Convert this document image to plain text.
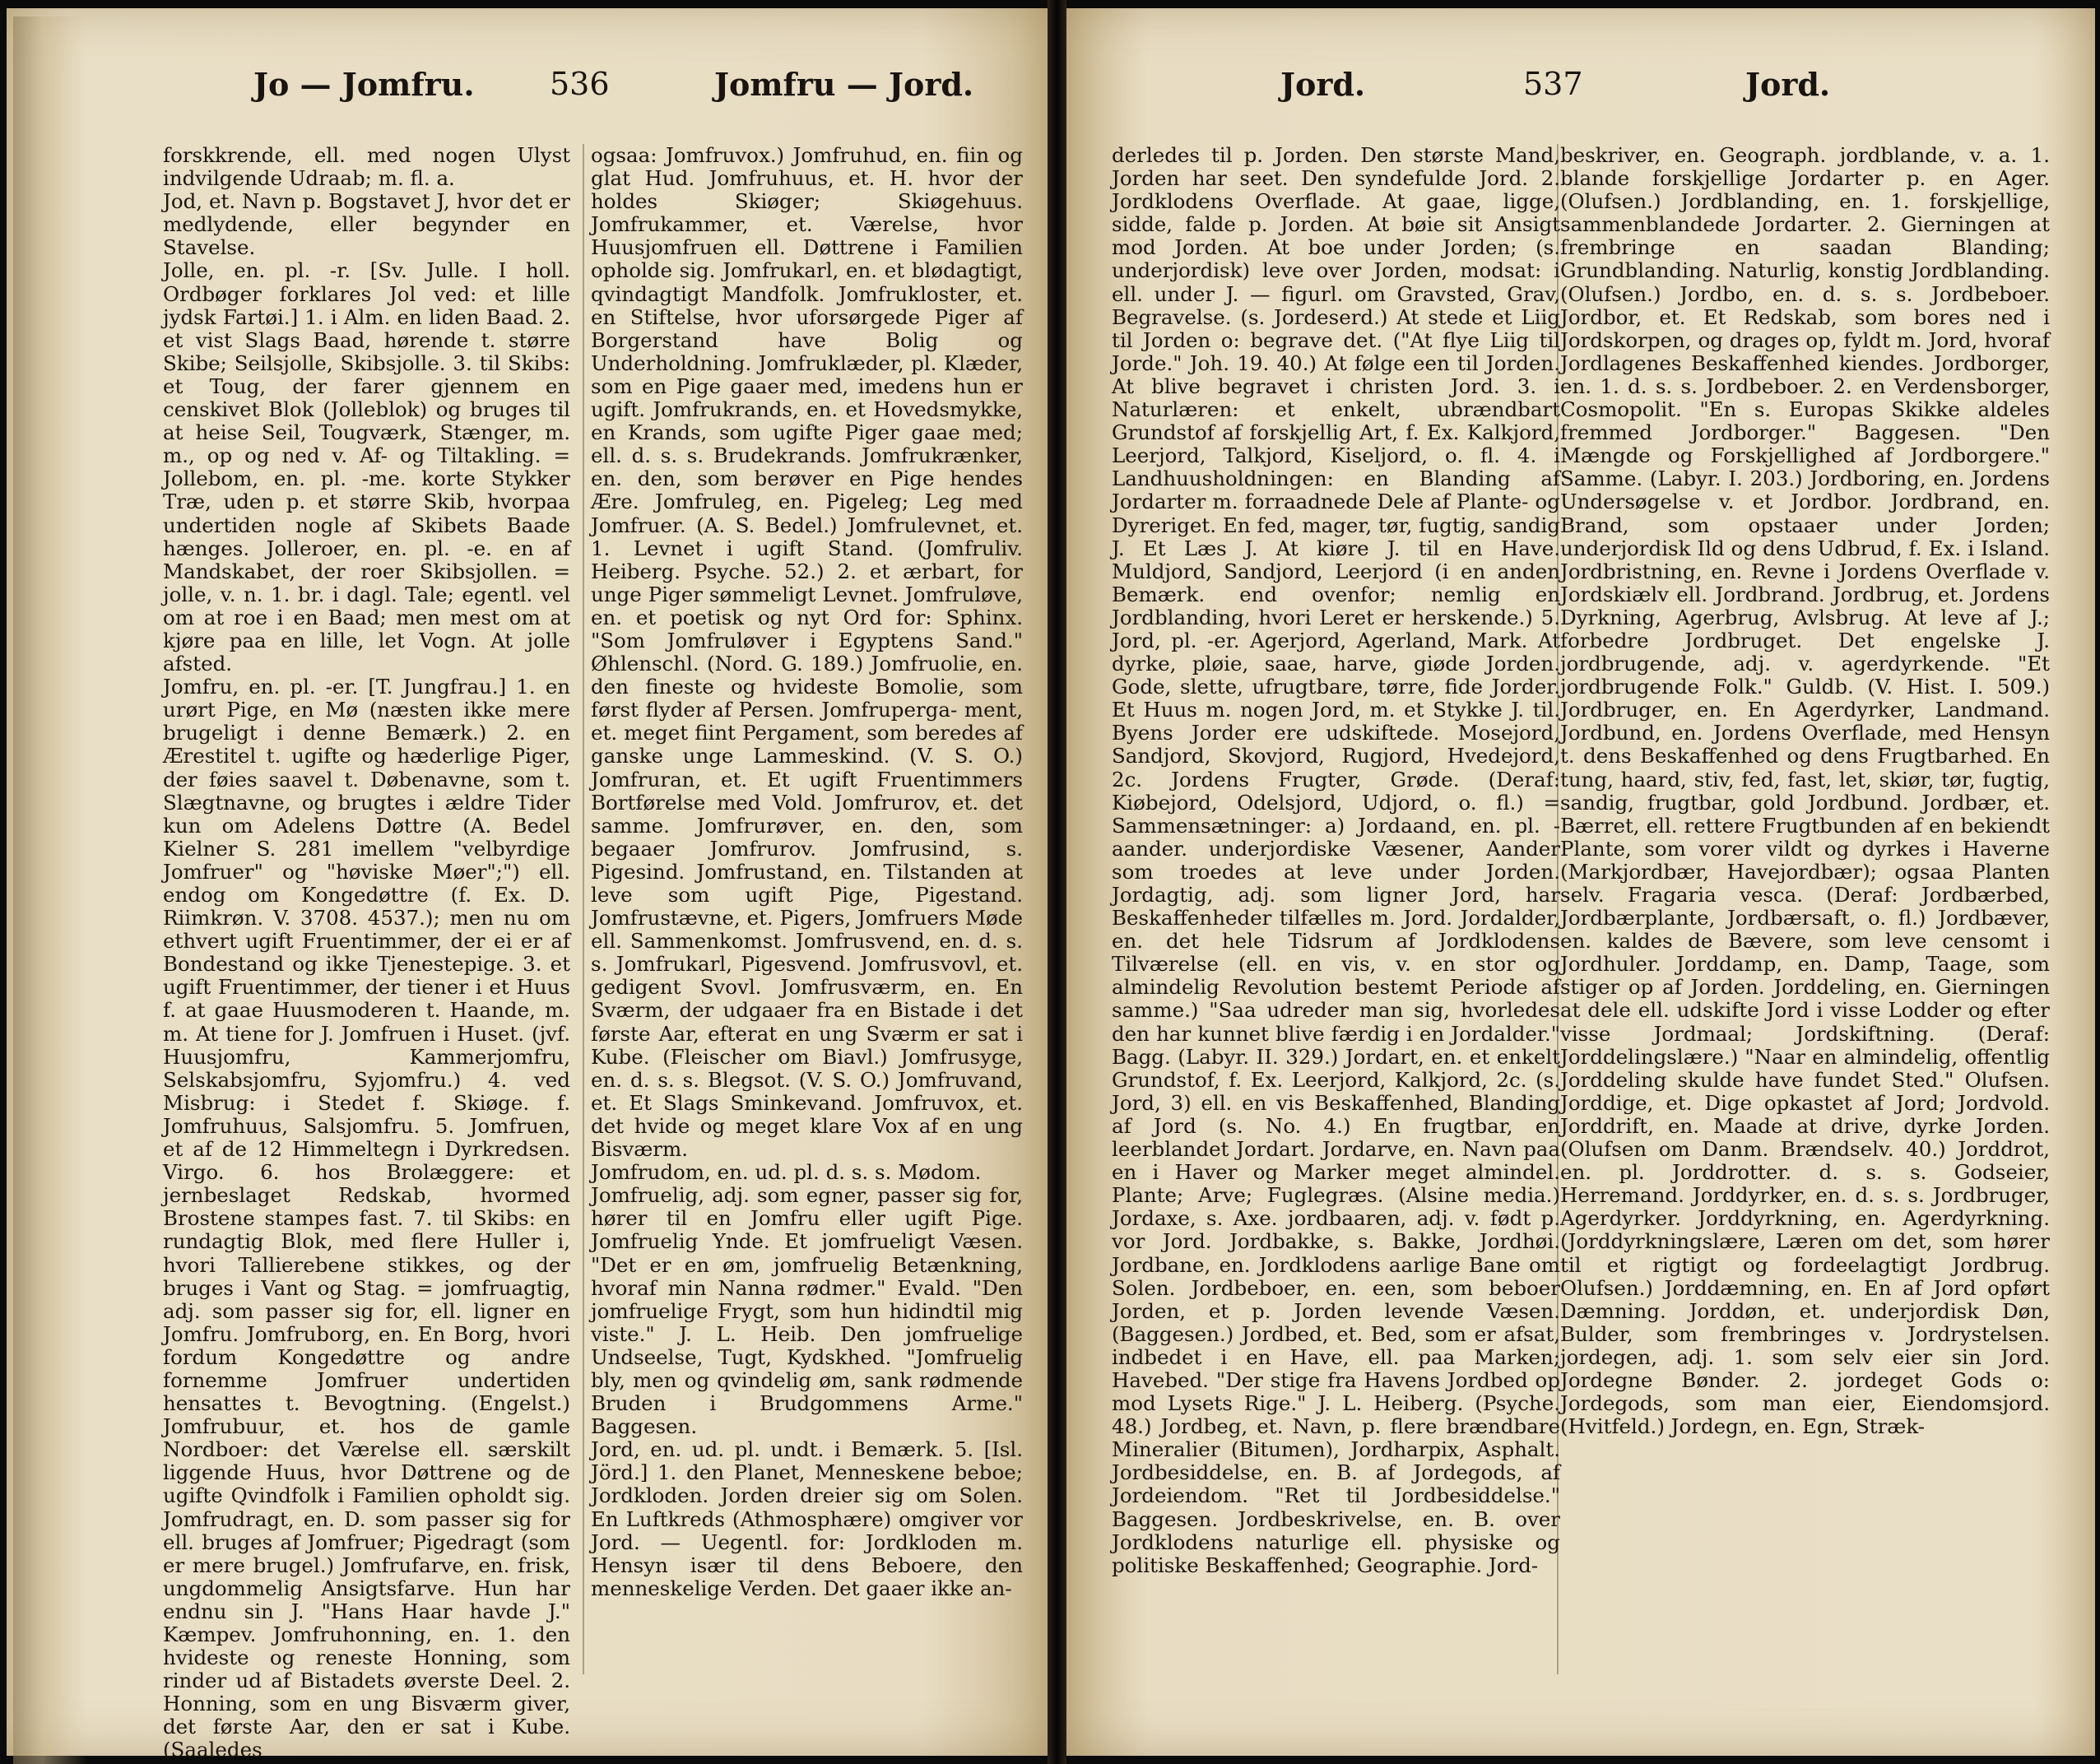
Jo — Jomfru. 536	Jomfru — Jord.
forskkrende, ell. med nogen Ulyst indvilgende Udraab; m. fl. a.
Jod, et. Navn p. Bogstavet J, hvor det er medlydende, eller begynder en Stavelse.
Jolle, en. pl. -r. [Sv. Julle. I holl. Ordbøger forklares Jol ved: et lille jydsk Fartøi.] 1. i Alm. en liden Baad. 2. et vist Slags Baad, hørende t. større Skibe; Seilsjolle, Skibsjolle. 3. til Skibs: et Toug, der farer gjennem en censkivet Blok (Jolleblok) og bruges til at heise Seil, Tougværk, Stænger, m. m., op og ned v. Af- og Tiltakling. = Jollebom, en. pl. -me. korte Stykker Træ, uden p. et større Skib, hvorpaa undertiden nogle af Skibets Baade hænges. Jolleroer, en. pl. -e. en af Mandskabet, der roer Skibsjollen. = jolle, v. n. 1. br. i dagl. Tale; egentl. vel om at roe i en Baad; men mest om at kjøre paa en lille, let Vogn. At jolle afsted.
Jomfru, en. pl. -er. [T. Jungfrau.] 1. en urørt Pige, en Mø (næsten ikke mere brugeligt i denne Bemærk.) 2. en Ærestitel t. ugifte og hæderlige Piger, der føies saavel t. Døbenavne, som t. Slægtnavne, og brugtes i ældre Tider kun om Adelens Døttre (A. Bedel Kielner S. 281 imellem "velbyrdige Jomfruer" og "høviske Møer";") ell. endog om Kongedøttre (f. Ex. D. Riimkrøn. V. 3708. 4537.); men nu om ethvert ugift Fruentimmer, der ei er af Bondestand og ikke Tjenestepige. 3. et ugift Fruentimmer, der tiener i et Huus f. at gaae Huusmoderen t. Haande, m. m. At tiene for J. Jomfruen i Huset. (jvf. Huusjomfru, Kammerjomfru, Selskabsjomfru, Syjomfru.) 4. ved Misbrug: i Stedet f. Skiøge. f. Jomfruhuus, Salsjomfru. 5. Jomfruen, et af de 12 Himmeltegn i Dyrkredsen. Virgo. 6. hos Brolæggere: et jernbeslaget Redskab, hvormed Brostene stampes fast. 7. til Skibs: en rundagtig Blok, med flere Huller i, hvori Tallierebene stikkes, og der bruges i Vant og Stag. = jomfruagtig, adj. som passer sig for, ell. ligner en Jomfru. Jomfruborg, en. En Borg, hvori fordum Kongedøttre og andre fornemme Jomfruer undertiden hensattes t. Bevogtning. (Engelst.) Jomfrubuur, et. hos de gamle Nordboer: det Værelse ell. særskilt liggende Huus, hvor Døttrene og de ugifte Qvindfolk i Familien opholdt sig. Jomfrudragt, en. D. som passer sig for ell. bruges af Jomfruer; Pigedragt (som er mere brugel.) Jomfrufarve, en. frisk, ungdommelig Ansigtsfarve. Hun har endnu sin J. "Hans Haar havde J." Kæmpev. Jomfruhonning, en. 1. den hvideste og reneste Honning, som rinder ud af Bistadets øverste Deel. 2. Honning, som en ung Bisværm giver, det første Aar, den er sat i Kube. (Saaledes
ogsaa: Jomfruvox.) Jomfruhud, en. fiin og glat Hud. Jomfruhuus, et. H. hvor der holdes Skiøger; Skiøgehuus. Jomfrukammer, et. Værelse, hvor Huusjomfruen ell. Døttrene i Familien opholde sig. Jomfrukarl, en. et blødagtigt, qvindagtigt Mandfolk. Jomfrukloster, et. en Stiftelse, hvor uforsørgede Piger af Borgerstand have Bolig og Underholdning. Jomfruklæder, pl. Klæder, som en Pige gaaer med, imedens hun er ugift. Jomfrukrands, en. et Hovedsmykke, en Krands, som ugifte Piger gaae med; ell. d. s. s. Brudekrands. Jomfrukrænker, en. den, som berøver en Pige hendes Ære. Jomfruleg, en. Pigeleg; Leg med Jomfruer. (A. S. Bedel.) Jomfrulevnet, et. 1. Levnet i ugift Stand. (Jomfruliv. Heiberg. Psyche. 52.) 2. et ærbart, for unge Piger sømmeligt Levnet. Jomfruløve, en. et poetisk og nyt Ord for: Sphinx. "Som Jomfruløver i Egyptens Sand." Øhlenschl. (Nord. G. 189.) Jomfruolie, en. den fineste og hvideste Bomolie, som først flyder af Persen. Jomfruperga- ment, et. meget fiint Pergament, som beredes af ganske unge Lammeskind. (V. S. O.) Jomfruran, et. Et ugift Fruentimmers Bortførelse med Vold. Jomfrurov, et. det samme. Jomfrurøver, en. den, som begaaer Jomfrurov. Jomfrusind, s. Pigesind. Jomfrustand, en. Tilstanden at leve som ugift Pige, Pigestand. Jomfrustævne, et. Pigers, Jomfruers Møde ell. Sammenkomst. Jomfrusvend, en. d. s. s. Jomfrukarl, Pigesvend. Jomfrusvovl, et. gedigent Svovl. Jomfrusværm, en. En Sværm, der udgaaer fra en Bistade i det første Aar, efterat en ung Sværm er sat i Kube. (Fleischer om Biavl.) Jomfrusyge, en. d. s. s. Blegsot. (V. S. O.) Jomfruvand, et. Et Slags Sminkevand. Jomfruvox, et. det hvide og meget klare Vox af en ung Bisværm.
Jomfrudom, en. ud. pl. d. s. s. Mødom.
Jomfruelig, adj. som egner, passer sig for, hører til en Jomfru eller ugift Pige. Jomfruelig Ynde. Et jomfrueligt Væsen. "Det er en øm, jomfruelig Betænkning, hvoraf min Nanna rødmer." Evald. "Den jomfruelige Frygt, som hun hidindtil mig viste." J. L. Heib. Den jomfruelige Undseelse, Tugt, Kydskhed. "Jomfruelig bly, men og qvindelig øm, sank rødmende Bruden i Brudgommens Arme." Baggesen.
Jord, en. ud. pl. undt. i Bemærk. 5. [Isl. Jörd.] 1. den Planet, Menneskene beboe; Jordkloden. Jorden dreier sig om Solen. En Luftkreds (Athmosphære) omgiver vor Jord. — Uegentl. for: Jordkloden m. Hensyn især til dens Beboere, den menneskelige Verden. Det gaaer ikke an-
Jord.	537	Jord.
derledes til p. Jorden. Den største Mand, Jorden har seet. Den syndefulde Jord. 2. Jordklodens Overflade. At gaae, ligge, sidde, falde p. Jorden. At bøie sit Ansigt mod Jorden. At boe under Jorden; (s. underjordisk) leve over Jorden, modsat: i ell. under J. — figurl. om Gravsted, Grav, Begravelse. (s. Jordeserd.) At stede et Liig til Jorden o: begrave det. ("At flye Liig til Jorde." Joh. 19. 40.) At følge een til Jorden. At blive begravet i christen Jord. 3. i Naturlæren: et enkelt, ubrændbart Grundstof af forskjellig Art, f. Ex. Kalkjord, Leerjord, Talkjord, Kiseljord, o. fl. 4. i Landhuusholdningen: en Blanding af Jordarter m. forraadnede Dele af Plante- og Dyreriget. En fed, mager, tør, fugtig, sandig J. Et Læs J. At kiøre J. til en Have. Muldjord, Sandjord, Leerjord (i en anden Bemærk. end ovenfor; nemlig en Jordblanding, hvori Leret er herskende.) 5. Jord, pl. -er. Agerjord, Agerland, Mark. At dyrke, pløie, saae, harve, giøde Jorden. Gode, slette, ufrugtbare, tørre, fide Jorder. Et Huus m. nogen Jord, m. et Stykke J. til. Byens Jorder ere udskiftede. Mosejord, Sandjord, Skovjord, Rugjord, Hvedejord, 2c. Jordens Frugter, Grøde. (Deraf: Kiøbejord, Odelsjord, Udjord, o. fl.) = Sammensætninger: a) Jordaand, en. pl. -aander. underjordiske Væsener, Aander som troedes at leve under Jorden. Jordagtig, adj. som ligner Jord, har Beskaffenheder tilfælles m. Jord. Jordalder, en. det hele Tidsrum af Jordklodens Tilværelse (ell. en vis, v. en stor og almindelig Revolution bestemt Periode af samme.) "Saa udreder man sig, hvorledes den har kunnet blive færdig i en Jordalder." Bagg. (Labyr. II. 329.) Jordart, en. et enkelt Grundstof, f. Ex. Leerjord, Kalkjord, 2c. (s. Jord, 3) ell. en vis Beskaffenhed, Blanding af Jord (s. No. 4.) En frugtbar, en leerblandet Jordart. Jordarve, en. Navn paa en i Haver og Marker meget almindel. Plante; Arve; Fuglegræs. (Alsine media.) Jordaxe, s. Axe. jordbaaren, adj. v. født p. vor Jord. Jordbakke, s. Bakke, Jordhøi. Jordbane, en. Jordklodens aarlige Bane om Solen. Jordbeboer, en. een, som beboer Jorden, et p. Jorden levende Væsen. (Baggesen.) Jordbed, et. Bed, som er afsat, indbedet i en Have, ell. paa Marken; Havebed. "Der stige fra Havens Jordbed op mod Lysets Rige." J. L. Heiberg. (Psyche. 48.) Jordbeg, et. Navn, p. flere brændbare Mineralier (Bitumen), Jordharpix, Asphalt. Jordbesiddelse, en. B. af Jordegods, af Jordeiendom. "Ret til Jordbesiddelse." Baggesen. Jordbeskrivelse, en. B. over Jordklodens naturlige ell. physiske og politiske Beskaffenhed; Geographie. Jord-
beskriver, en. Geograph. jordblande, v. a. 1. blande forskjellige Jordarter p. en Ager. (Olufsen.) Jordblanding, en. 1. forskjellige, sammenblandede Jordarter. 2. Gierningen at frembringe en saadan Blanding; Grundblanding. Naturlig, konstig Jordblanding. (Olufsen.) Jordbo, en. d. s. s. Jordbeboer. Jordbor, et. Et Redskab, som bores ned i Jordskorpen, og drages op, fyldt m. Jord, hvoraf Jordlagenes Beskaffenhed kiendes. Jordborger, en. 1. d. s. s. Jordbeboer. 2. en Verdensborger, Cosmopolit. "En s. Europas Skikke aldeles fremmed Jordborger." Baggesen. "Den Mængde og Forskjellighed af Jordborgere." Samme. (Labyr. I. 203.) Jordboring, en. Jordens Undersøgelse v. et Jordbor. Jordbrand, en. Brand, som opstaaer under Jorden; underjordisk Ild og dens Udbrud, f. Ex. i Island. Jordbristning, en. Revne i Jordens Overflade v. Jordskiælv ell. Jordbrand. Jordbrug, et. Jordens Dyrkning, Agerbrug, Avlsbrug. At leve af J.; forbedre Jordbruget. Det engelske J. jordbrugende, adj. v. agerdyrkende. "Et jordbrugende Folk." Guldb. (V. Hist. I. 509.) Jordbruger, en. En Agerdyrker, Landmand. Jordbund, en. Jordens Overflade, med Hensyn t. dens Beskaffenhed og dens Frugtbarhed. En tung, haard, stiv, fed, fast, let, skiør, tør, fugtig, sandig, frugtbar, gold Jordbund. Jordbær, et. Bærret, ell. rettere Frugtbunden af en bekiendt Plante, som vorer vildt og dyrkes i Haverne (Markjordbær, Havejordbær); ogsaa Planten selv. Fragaria vesca. (Deraf: Jordbærbed, Jordbærplante, Jordbærsaft, o. fl.) Jordbæver, en. kaldes de Bævere, som leve censomt i Jordhuler. Jorddamp, en. Damp, Taage, som stiger op af Jorden. Jorddeling, en. Gierningen at dele ell. udskifte Jord i visse Lodder og efter visse Jordmaal; Jordskiftning. (Deraf: Jorddelingslære.) "Naar en almindelig, offentlig Jorddeling skulde have fundet Sted." Olufsen. Jorddige, et. Dige opkastet af Jord; Jordvold. Jorddrift, en. Maade at drive, dyrke Jorden. (Olufsen om Danm. Brændselv. 40.) Jorddrot, en. pl. Jorddrotter. d. s. s. Godseier, Herremand. Jorddyrker, en. d. s. s. Jordbruger, Agerdyrker. Jorddyrkning, en. Agerdyrkning. (Jorddyrkningslære, Læren om det, som hører til et rigtigt og fordeelagtigt Jordbrug. Olufsen.) Jorddæmning, en. En af Jord opført Dæmning. Jorddøn, et. underjordisk Døn, Bulder, som frembringes v. Jordrystelsen. jordegen, adj. 1. som selv eier sin Jord. Jordegne Bønder. 2. jordeget Gods o: Jordegods, som man eier, Eiendomsjord. (Hvitfeld.) Jordegn, en. Egn, Stræk-
